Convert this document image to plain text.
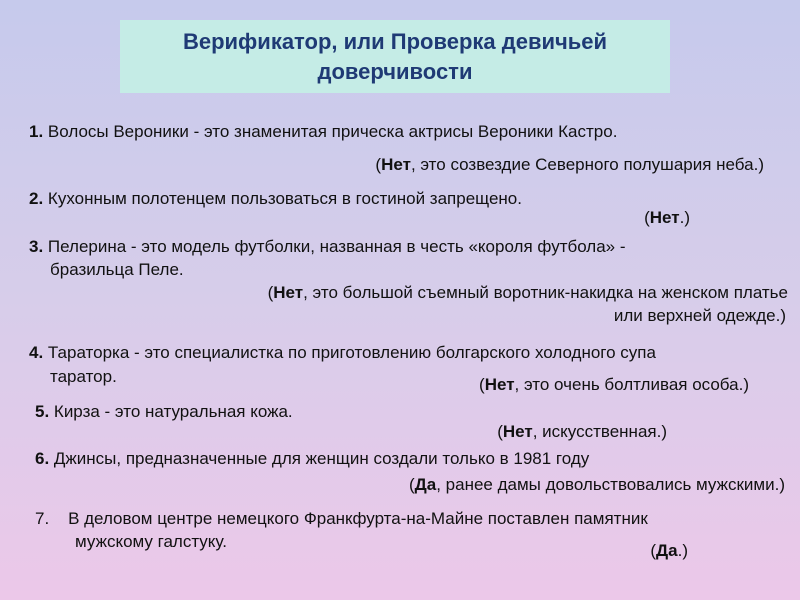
Верификатор, или Проверка девичьей
доверчивости
1. Волосы Вероники - это знаменитая прическа актрисы Вероники Кастро.
(Нет, это созвездие Северного полушария неба.)
2. Кухонным полотенцем пользоваться в гостиной запрещено.
(Нет.)
3. Пелерина - это модель футболки, названная в честь «короля футбола» -
бразильца Пеле.
(Нет, это большой съемный воротник-накидка на женском платье
или верхней одежде.)
4. Тараторка - это специалистка по приготовлению болгарского холодного супа
таратор.	(Нет, это очень болтливая особа.)
5. Кирза - это натуральная кожа.
(Нет, искусственная.)
6. Джинсы, предназначенные для женщин создали только в 1981 году
(Да, ранее дамы довольствовались мужскими.)
7.    В деловом центре немецкого Франкфурта-на-Майне поставлен памятник
мужскому галстуку.	(Да.)
